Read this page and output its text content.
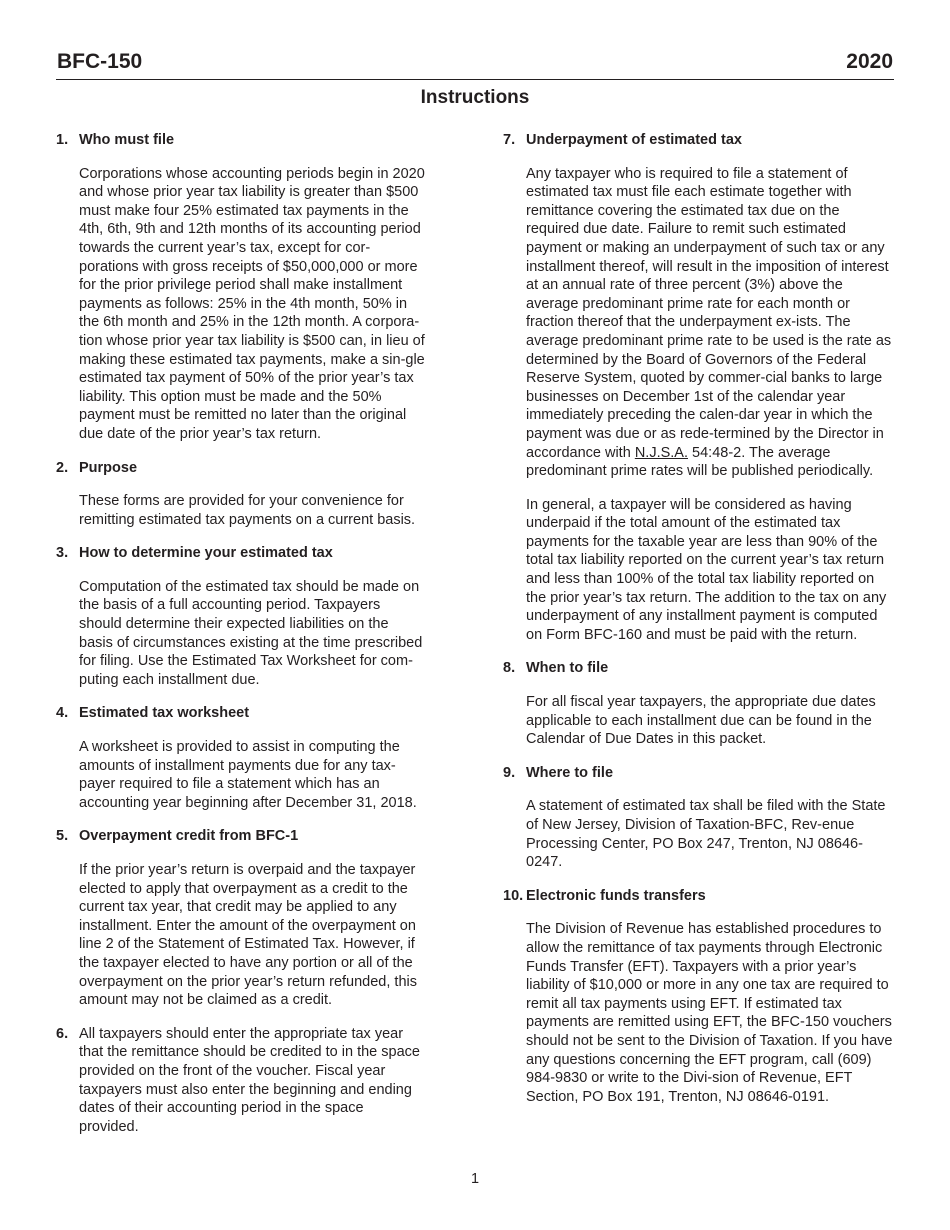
BFC-150	2020
Instructions
1. Who must file
Corporations whose accounting periods begin in 2020 and whose prior year tax liability is greater than $500 must make four 25% estimated tax payments in the 4th, 6th, 9th and 12th months of its accounting period towards the current year’s tax, except for cor-porations with gross receipts of $50,000,000 or more for the prior privilege period shall make installment payments as follows: 25% in the 4th month, 50% in the 6th month and 25% in the 12th month. A corpora-tion whose prior year tax liability is $500 can, in lieu of making these estimated tax payments, make a sin-gle estimated tax payment of 50% of the prior year’s tax liability. This option must be made and the 50% payment must be remitted no later than the original due date of the prior year’s tax return.
2. Purpose
These forms are provided for your convenience for remitting estimated tax payments on a current basis.
3. How to determine your estimated tax
Computation of the estimated tax should be made on the basis of a full accounting period. Taxpayers should determine their expected liabilities on the basis of circumstances existing at the time prescribed for filing. Use the Estimated Tax Worksheet for com-puting each installment due.
4. Estimated tax worksheet
A worksheet is provided to assist in computing the amounts of installment payments due for any tax-payer required to file a statement which has an accounting year beginning after December 31, 2018.
5. Overpayment credit from BFC-1
If the prior year’s return is overpaid and the taxpayer elected to apply that overpayment as a credit to the current tax year, that credit may be applied to any installment. Enter the amount of the overpayment on line 2 of the Statement of Estimated Tax. However, if the taxpayer elected to have any portion or all of the overpayment on the prior year’s return refunded, this amount may not be claimed as a credit.
6. All taxpayers should enter the appropriate tax year that the remittance should be credited to in the space provided on the front of the voucher. Fiscal year taxpayers must also enter the beginning and ending dates of their accounting period in the space provided.
7. Underpayment of estimated tax
Any taxpayer who is required to file a statement of estimated tax must file each estimate together with remittance covering the estimated tax due on the required due date. Failure to remit such estimated payment or making an underpayment of such tax or any installment thereof, will result in the imposition of interest at an annual rate of three percent (3%) above the average predominant prime rate for each month or fraction thereof that the underpayment ex-ists. The average predominant prime rate to be used is the rate as determined by the Board of Governors of the Federal Reserve System, quoted by commer-cial banks to large businesses on December 1st of the calendar year immediately preceding the calen-dar year in which the payment was due or as rede-termined by the Director in accordance with N.J.S.A. 54:48-2. The average predominant prime rates will be published periodically.
In general, a taxpayer will be considered as having underpaid if the total amount of the estimated tax payments for the taxable year are less than 90% of the total tax liability reported on the current year’s tax return and less than 100% of the total tax liability reported on the prior year’s tax return. The addition to the tax on any underpayment of any installment payment is computed on Form BFC-160 and must be paid with the return.
8. When to file
For all fiscal year taxpayers, the appropriate due dates applicable to each installment due can be found in the Calendar of Due Dates in this packet.
9. Where to file
A statement of estimated tax shall be filed with the State of New Jersey, Division of Taxation-BFC, Rev-enue Processing Center, PO Box 247, Trenton, NJ 08646-0247.
10. Electronic funds transfers
The Division of Revenue has established procedures to allow the remittance of tax payments through Electronic Funds Transfer (EFT). Taxpayers with a prior year’s liability of $10,000 or more in any one tax are required to remit all tax payments using EFT. If estimated tax payments are remitted using EFT, the BFC-150 vouchers should not be sent to the Division of Taxation. If you have any questions concerning the EFT program, call (609) 984-9830 or write to the Divi-sion of Revenue, EFT Section, PO Box 191, Trenton, NJ 08646-0191.
1
